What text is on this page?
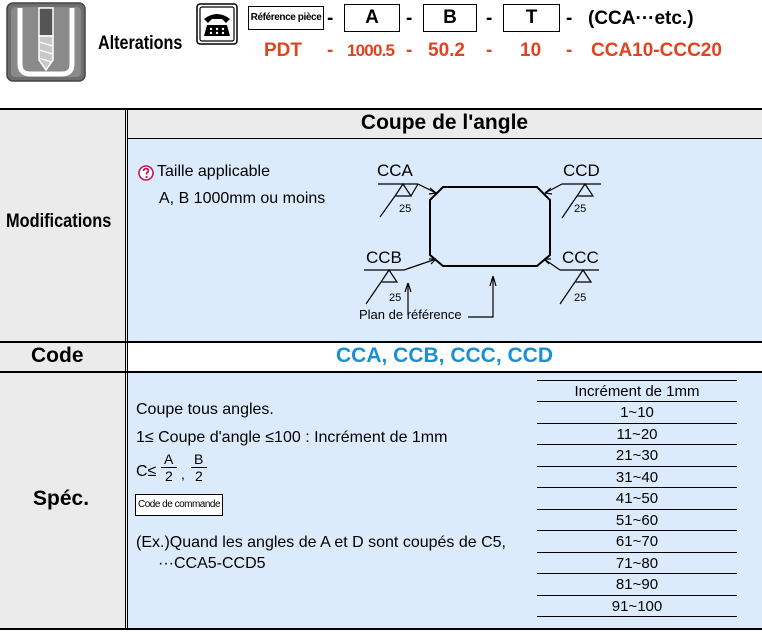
Alterations
Référence pièce -	A	-	B	-	T	- (CCA···etc.)
PDT - 1000.5 - 50.2 - 10 - CCA10-CCC20
Modifications
Coupe de l'angle
Taille applicable
A, B 1000mm ou moins
CCA	CCD
CCB	CCC
25	25
25	25
Plan de référence
Code	CCA, CCB, CCC, CCD
Spéc.
Coupe tous angles.
1≤ Coupe d'angle ≤100 : Incrément de 1mm
C≤
A
2 ,
B
2
Code de commande
(Ex.)Quand les angles de A et D sont coupés de C5,
···CCA5-CCD5
Incrément de 1mm
1~10
11~20
21~30
31~40
41~50
51~60
61~70
71~80
81~90
91~100
